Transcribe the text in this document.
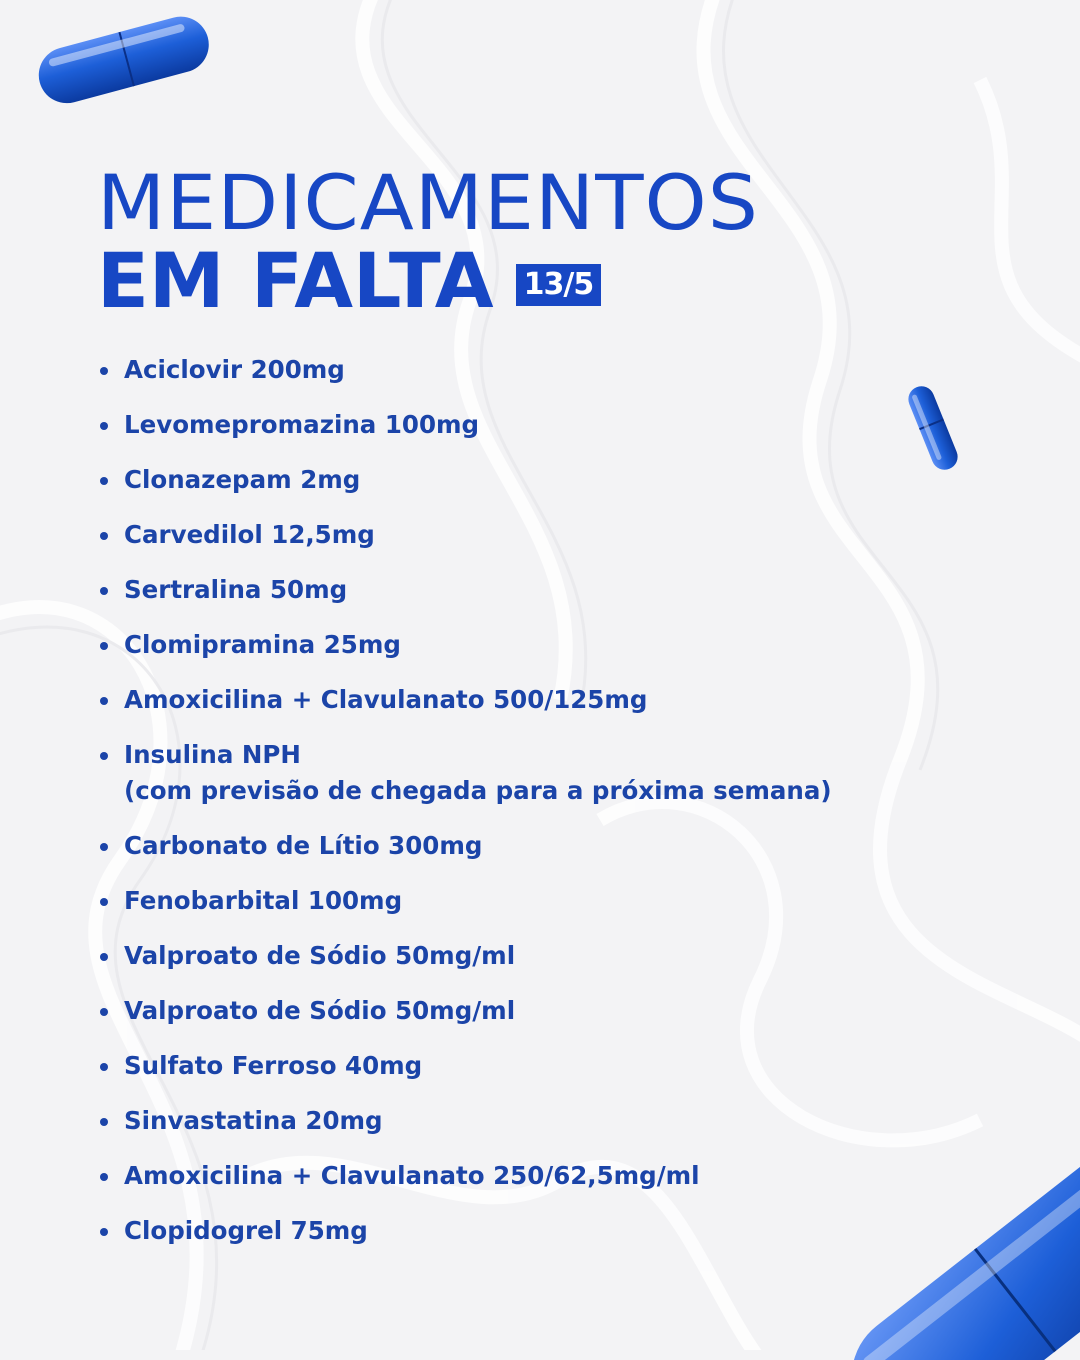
MEDICAMENTOS
EM FALTA 13/5
Aciclovir 200mg
Levomepromazina 100mg
Clonazepam 2mg
Carvedilol 12,5mg
Sertralina 50mg
Clomipramina 25mg
Amoxicilina + Clavulanato 500/125mg
Insulina NPH
(com previsão de chegada para a próxima semana)
Carbonato de Lítio 300mg
Fenobarbital 100mg
Valproato de Sódio 50mg/ml
Valproato de Sódio 50mg/ml
Sulfato Ferroso 40mg
Sinvastatina 20mg
Amoxicilina + Clavulanato 250/62,5mg/ml
Clopidogrel 75mg
